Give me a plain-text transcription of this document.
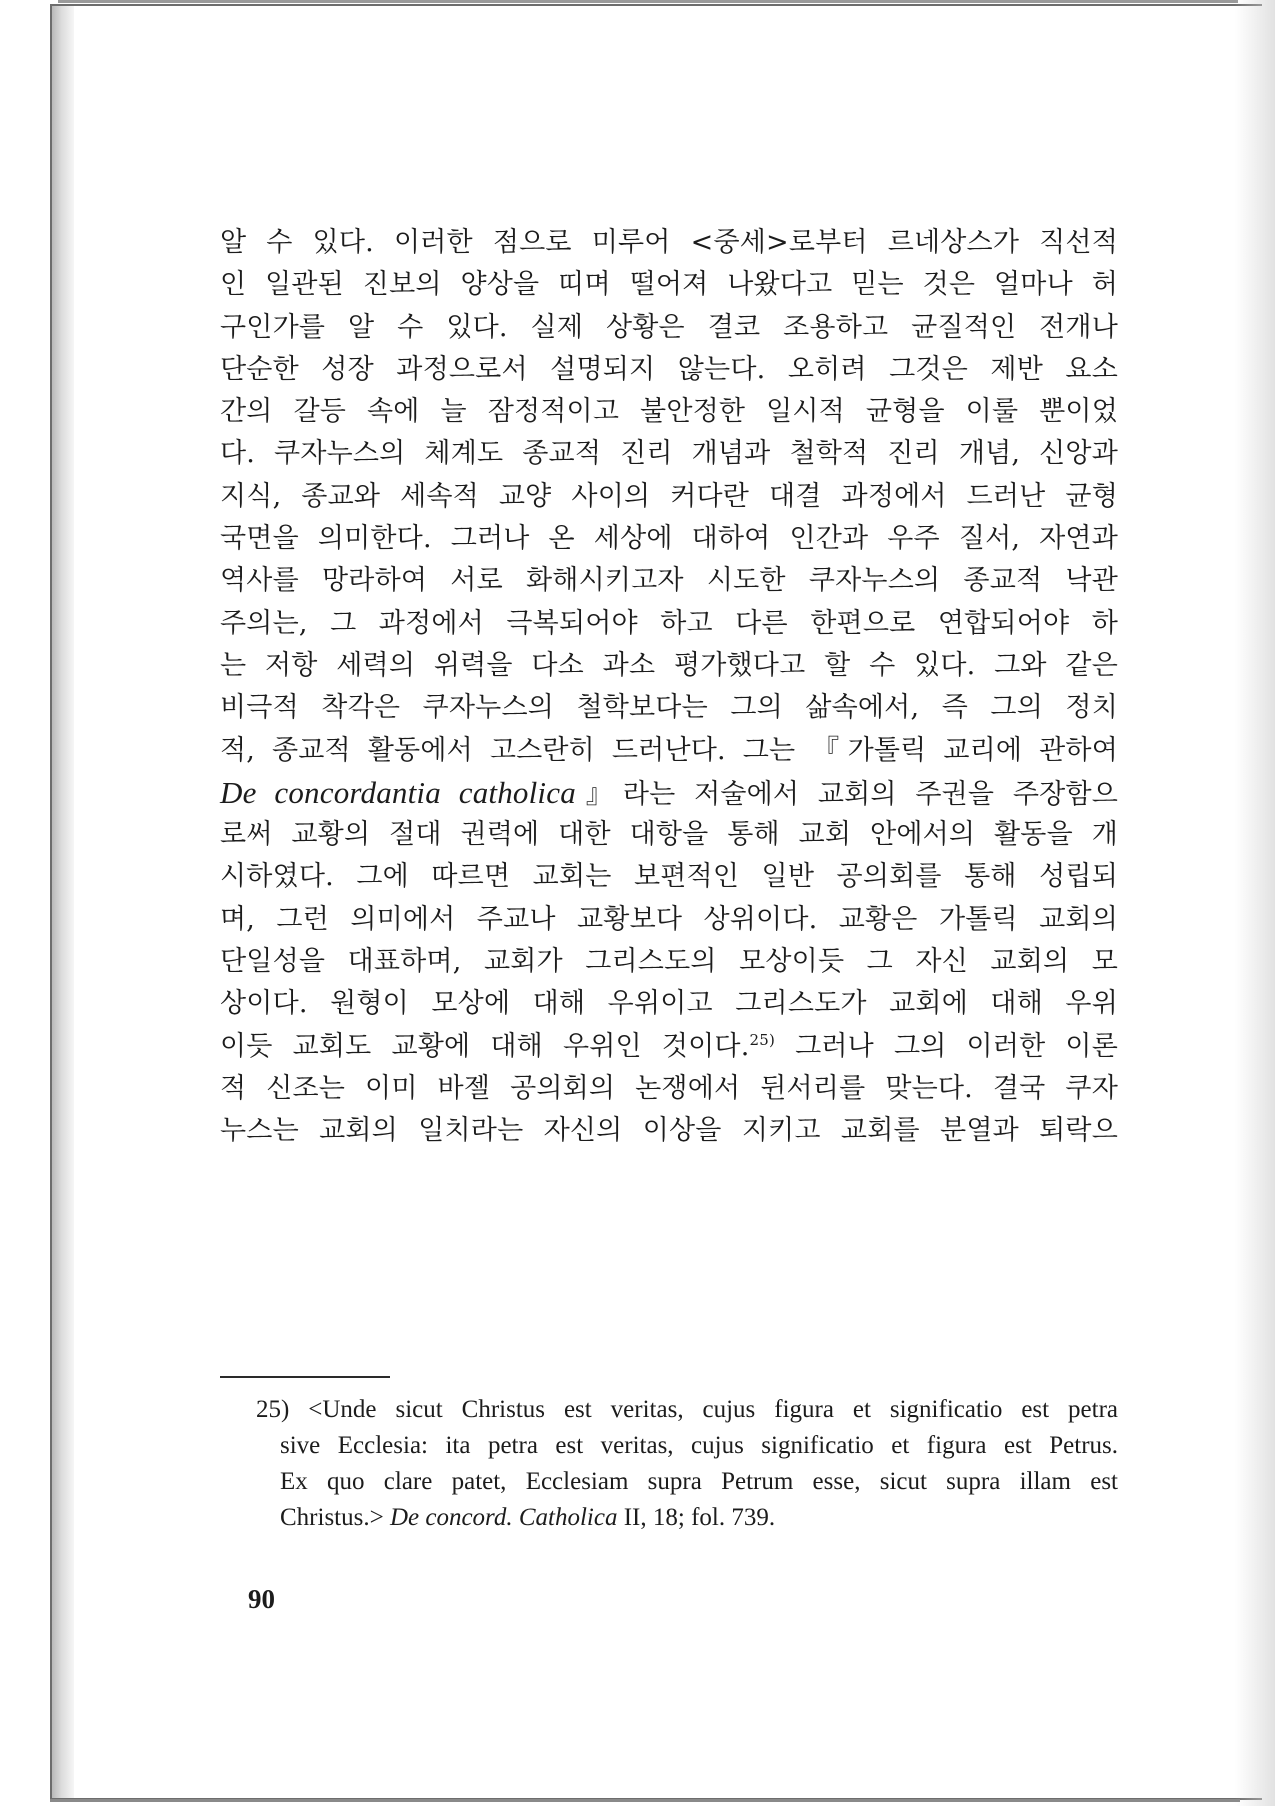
알 수 있다. 이러한 점으로 미루어 <중세>로부터 르네상스가 직선적
인 일관된 진보의 양상을 띠며 떨어져 나왔다고 믿는 것은 얼마나 허
구인가를 알 수 있다. 실제 상황은 결코 조용하고 균질적인 전개나
단순한 성장 과정으로서 설명되지 않는다. 오히려 그것은 제반 요소
간의 갈등 속에 늘 잠정적이고 불안정한 일시적 균형을 이룰 뿐이었
다. 쿠자누스의 체계도 종교적 진리 개념과 철학적 진리 개념, 신앙과
지식, 종교와 세속적 교양 사이의 커다란 대결 과정에서 드러난 균형
국면을 의미한다. 그러나 온 세상에 대하여 인간과 우주 질서, 자연과
역사를 망라하여 서로 화해시키고자 시도한 쿠자누스의 종교적 낙관
주의는, 그 과정에서 극복되어야 하고 다른 한편으로 연합되어야 하
는 저항 세력의 위력을 다소 과소 평가했다고 할 수 있다. 그와 같은
비극적 착각은 쿠자누스의 철학보다는 그의 삶속에서, 즉 그의 정치
적, 종교적 활동에서 고스란히 드러난다. 그는 『가톨릭 교리에 관하여
De concordantia catholica』라는 저술에서 교회의 주권을 주장함으
로써 교황의 절대 권력에 대한 대항을 통해 교회 안에서의 활동을 개
시하였다. 그에 따르면 교회는 보편적인 일반 공의회를 통해 성립되
며, 그런 의미에서 주교나 교황보다 상위이다. 교황은 가톨릭 교회의
단일성을 대표하며, 교회가 그리스도의 모상이듯 그 자신 교회의 모
상이다. 원형이 모상에 대해 우위이고 그리스도가 교회에 대해 우위
이듯 교회도 교황에 대해 우위인 것이다.$^{25)}$ 그러나 그의 이러한 이론
적 신조는 이미 바젤 공의회의 논쟁에서 뒨서리를 맞는다. 결국 쿠자
누스는 교회의 일치라는 자신의 이상을 지키고 교회를 분열과 퇴락으
25) <Unde sicut Christus est veritas, cujus figura et significatio est petra
sive Ecclesia: ita petra est veritas, cujus significatio et figura est Petrus.
Ex quo clare patet, Ecclesiam supra Petrum esse, sicut supra illam est
Christus.> De concord. Catholica II, 18; fol. 739.
90
